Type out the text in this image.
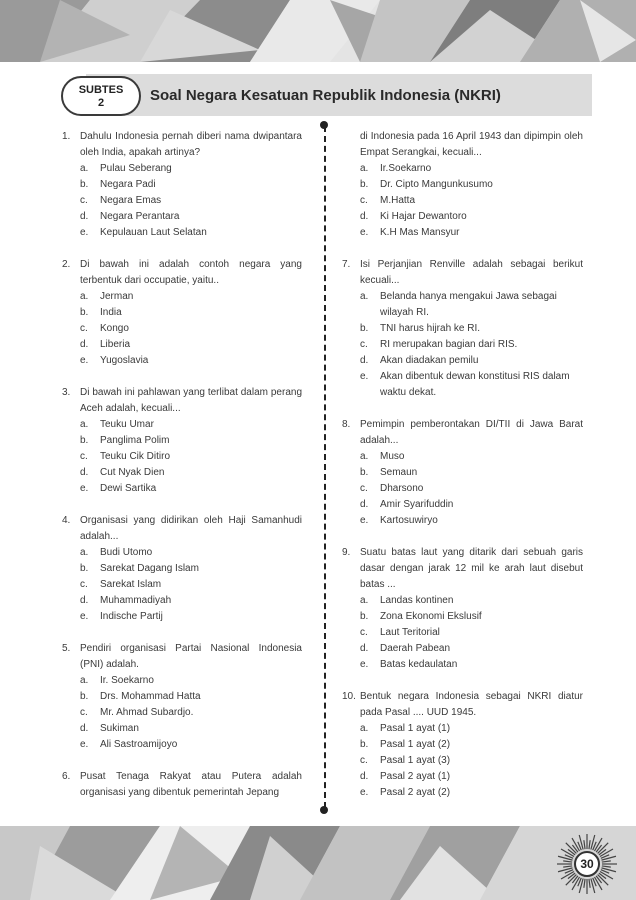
Soal Negara Kesatuan Republik Indonesia (NKRI)
SUBTES
2
1. Dahulu Indonesia pernah diberi nama dwipantara oleh India, apakah artinya?
a. Pulau Seberang
b. Negara Padi
c. Negara Emas
d. Negara Perantara
e. Kepulauan Laut Selatan
2. Di bawah ini adalah contoh negara yang terbentuk dari occupatie, yaitu..
a. Jerman
b. India
c. Kongo
d. Liberia
e. Yugoslavia
3. Di bawah ini pahlawan yang terlibat dalam perang Aceh adalah, kecuali...
a. Teuku Umar
b. Panglima Polim
c. Teuku Cik Ditiro
d. Cut Nyak Dien
e. Dewi Sartika
4. Organisasi yang didirikan oleh Haji Samanhudi adalah...
a. Budi Utomo
b. Sarekat Dagang Islam
c. Sarekat Islam
d. Muhammadiyah
e. Indische Partij
5. Pendiri organisasi Partai Nasional Indonesia (PNI) adalah.
a. Ir. Soekarno
b. Drs. Mohammad Hatta
c. Mr. Ahmad Subardjo.
d. Sukiman
e. Ali Sastroamijoyo
6. Pusat Tenaga Rakyat atau Putera adalah organisasi yang dibentuk pemerintah Jepang
di Indonesia pada 16 April 1943 dan dipimpin oleh Empat Serangkai, kecuali...
a. Ir.Soekarno
b. Dr. Cipto Mangunkusumo
c. M.Hatta
d. Ki Hajar Dewantoro
e. K.H Mas Mansyur
7. Isi Perjanjian Renville adalah sebagai berikut kecuali...
a. Belanda hanya mengakui Jawa sebagai wilayah RI.
b. TNI harus hijrah ke RI.
c. RI merupakan bagian dari RIS.
d. Akan diadakan pemilu
e. Akan dibentuk dewan konstitusi RIS dalam waktu dekat.
8. Pemimpin pemberontakan DI/TII di Jawa Barat adalah...
a. Muso
b. Semaun
c. Dharsono
d. Amir Syarifuddin
e. Kartosuwiryo
9. Suatu batas laut yang ditarik dari sebuah garis dasar dengan jarak 12 mil ke arah laut disebut batas ...
a. Landas kontinen
b. Zona Ekonomi Ekslusif
c. Laut Teritorial
d. Daerah Pabean
e. Batas kedaulatan
10. Bentuk negara Indonesia sebagai NKRI diatur pada Pasal .... UUD 1945.
a. Pasal 1 ayat (1)
b. Pasal 1 ayat (2)
c. Pasal 1 ayat (3)
d. Pasal 2 ayat (1)
e. Pasal 2 ayat (2)
30
